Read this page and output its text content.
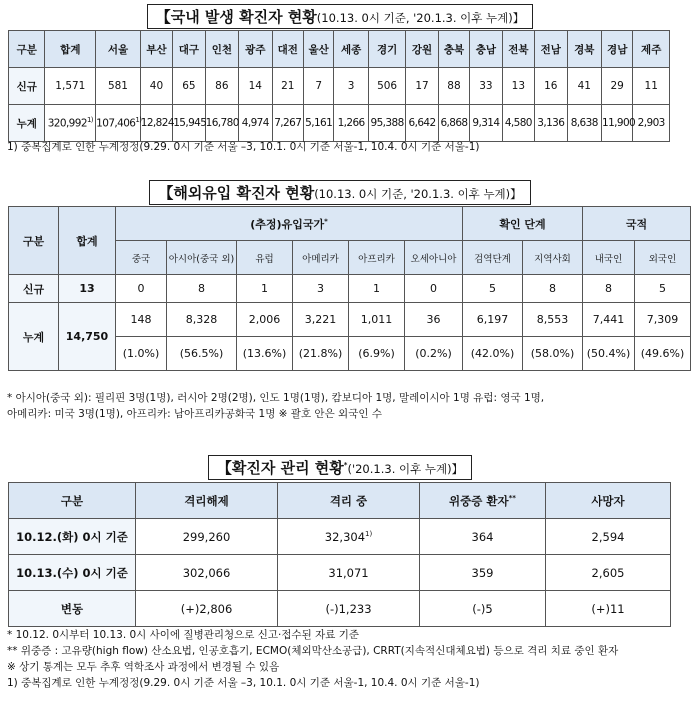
【국내 발생 확진자 현황(10.13. 0시 기준, '20.1.3. 이후 누계)】
구분	합계	서울	부산	대구	인천	광주	대전	울산	세종	경기	강원	충북	충남	전북	전남	경북	경남	제주
신규	1,571	581	40	65	86	14	21	7	3	506	17	88	33	13	16	41	29	11
누계	320,992$^{1)}$	107,406$^{1)}$	12,824	15,945	16,780	4,974	7,267	5,161	1,266	95,388	6,642	6,868	9,314	4,580	3,136	8,638	11,900	2,903
1) 중복집계로 인한 누계정정(9.29. 0시 기준 서울 –3, 10.1. 0시 기준 서울-1, 10.4. 0시 기준 서울-1)
【해외유입 확진자 현황(10.13. 0시 기준, '20.1.3. 이후 누계)】
구분	합계	(추정)유입국가*						확인 단계		국적	
		중국	아시아(중국 외)	유럽	아메리카	아프리카	오세아니아	검역단계	지역사회	내국인	외국인
신규	13	0	8	1	3	1	0	5	8	8	5
누계	14,750	148	8,328	2,006	3,221	1,011	36	6,197	8,553	7,441	7,309
		(1.0%)	(56.5%)	(13.6%)	(21.8%)	(6.9%)	(0.2%)	(42.0%)	(58.0%)	(50.4%)	(49.6%)
* 아시아(중국 외): 필리핀 3명(1명), 러시아 2명(2명), 인도 1명(1명), 캄보디아 1명, 말레이시아 1명 유럽: 영국 1명,
아메리카: 미국 3명(1명), 아프리카: 남아프리카공화국 1명 ※ 괄호 안은 외국인 수
【확진자 관리 현황*('20.1.3. 이후 누계)】
구분	격리해제	격리 중	위중증 환자**	사망자
10.12.(화) 0시 기준	299,260	32,304$^{1)}$	364	2,594
10.13.(수) 0시 기준	302,066	31,071	359	2,605
변동	(+)2,806	(-)1,233	(-)5	(+)11
* 10.12. 0시부터 10.13. 0시 사이에 질병관리청으로 신고·접수된 자료 기준
** 위중증 : 고유량(high flow) 산소요법, 인공호흡기, ECMO(체외막산소공급), CRRT(지속적신대체요법) 등으로 격리 치료 중인 환자
※ 상기 통계는 모두 추후 역학조사 과정에서 변경될 수 있음
1) 중복집계로 인한 누계정정(9.29. 0시 기준 서울 –3, 10.1. 0시 기준 서울-1, 10.4. 0시 기준 서울-1)
